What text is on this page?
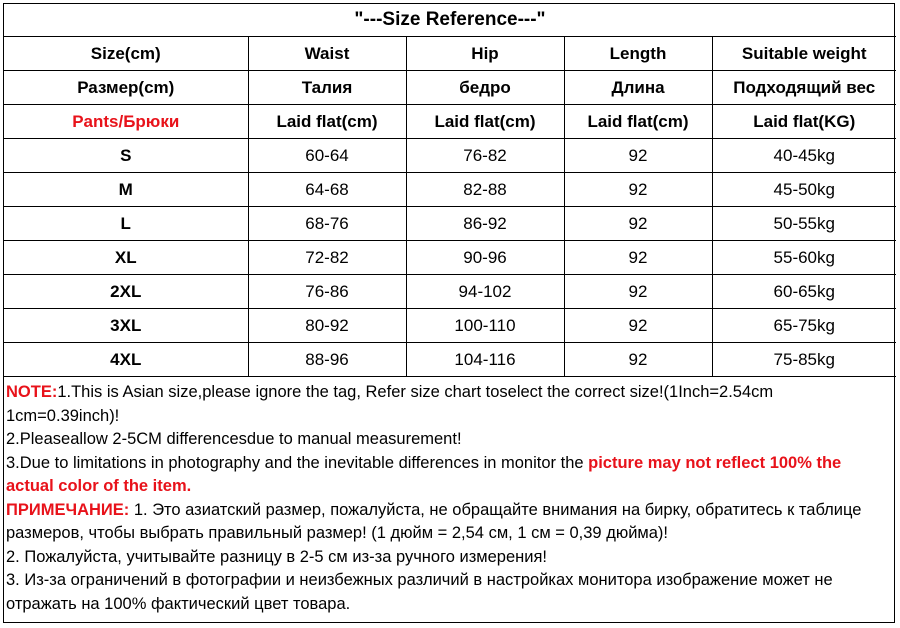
"---Size Reference---"				
Size(cm)	Waist	Hip	Length	Suitable weight
Размер(cm)	Талия	бедро	Длина	Подходящий вес
Pants/Брюки	Laid flat(cm)	Laid flat(cm)	Laid flat(cm)	Laid flat(KG)
S	60-64	76-82	92	40-45kg
M	64-68	82-88	92	45-50kg
L	68-76	86-92	92	50-55kg
XL	72-82	90-96	92	55-60kg
2XL	76-86	94-102	92	60-65kg
3XL	80-92	100-110	92	65-75kg
4XL	88-96	104-116	92	75-85kg

NOTE:1.This is Asian size,please ignore the tag, Refer size chart toselect the correct size!(1Inch=2.54cm 1cm=0.39inch)!

2.Pleaseallow 2-5CM differencesdue to manual measurement!

3.Due to limitations in photography and the inevitable differences in monitor the picture may not reflect 100% the actual color of the item.

ПРИМЕЧАНИЕ: 1. Это азиатский размер, пожалуйста, не обращайте внимания на бирку, обратитесь к таблице размеров, чтобы выбрать правильный размер! (1 дюйм = 2,54 см, 1 см = 0,39 дюйма)!

2. Пожалуйста, учитывайте разницу в 2-5 см из-за ручного измерения!

3. Из-за ограничений в фотографии и неизбежных различий в настройках монитора изображение может не отражать на 100% фактический цвет товара.
